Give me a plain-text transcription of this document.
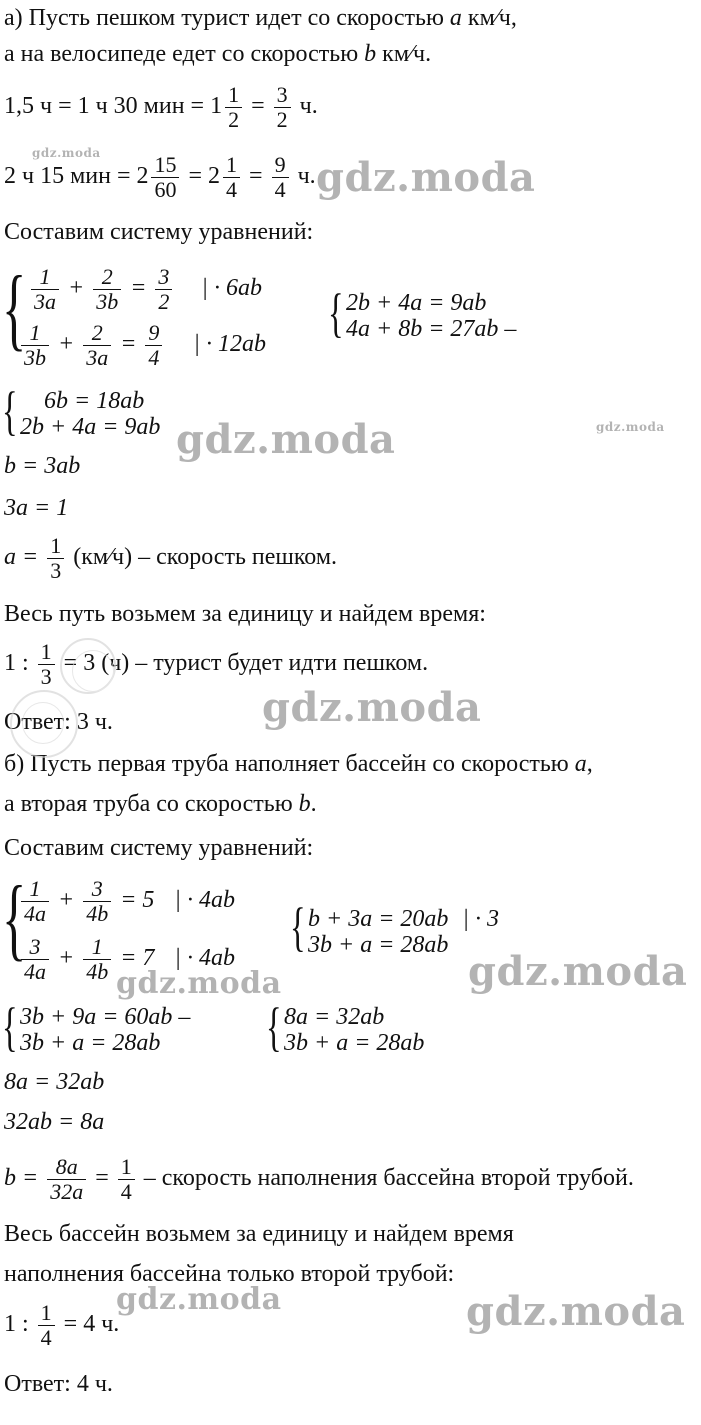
а) Пусть пешком турист идет со скоростью a км⁄ч,
а на велосипеде едет со скоростью b км⁄ч.
1,5 ч = 1 ч 30 мин = $1 \frac{1}{2} = \frac{3}{2} ч$.
2 ч 15 мин = $2 \frac{15}{60} = 2 \frac{1}{4} = \frac{9}{4} ч$.
Составим систему уравнений:
{ $\frac{1}{3a} + \frac{2}{3b} = \frac{3}{2}$ | · 6ab
$\frac{1}{3b} + \frac{2}{3a} = \frac{9}{4}$ | · 12ab
{ 2b + 4a = 9ab
4a + 8b = 27ab –
{ 6b = 18ab
2b + 4a = 9ab
b = 3ab
3a = 1
$a = \frac{1}{3}$ (км⁄ч) – скорость пешком.
Весь путь возьмем за единицу и найдем время:
1 : $\frac{1}{3} = 3$ (ч) – турист будет идти пешком.
Ответ: 3 ч.
б) Пусть первая труба наполняет бассейн со скоростью a,
а вторая труба со скоростью b.
Составим систему уравнений:
{
$\frac{1}{4a} + \frac{3}{4b} = 5$ | · 4ab
$\frac{3}{4a} + \frac{1}{4b} = 7$ | · 4ab
{ b + 3a = 20ab | · 3
3b + a = 28ab
{ 3b + 9a = 60ab –
3b + a = 28ab { 8a = 32ab
3b + a = 28ab
8a = 32ab
32ab = 8a
$b = \frac{8a}{32a} = \frac{1}{4}$ – скорость наполнения бассейна второй трубой.
Весь бассейн возьмем за единицу и найдем время
наполнения бассейна только второй трубой:
1 : $\frac{1}{4} = 4$ ч.
Ответ: 4 ч.
gdz.moda
gdz.moda
gdz.moda	gdz.moda
gdz.moda
gdz.moda
gdz.moda
gdz.moda	gdz.moda
